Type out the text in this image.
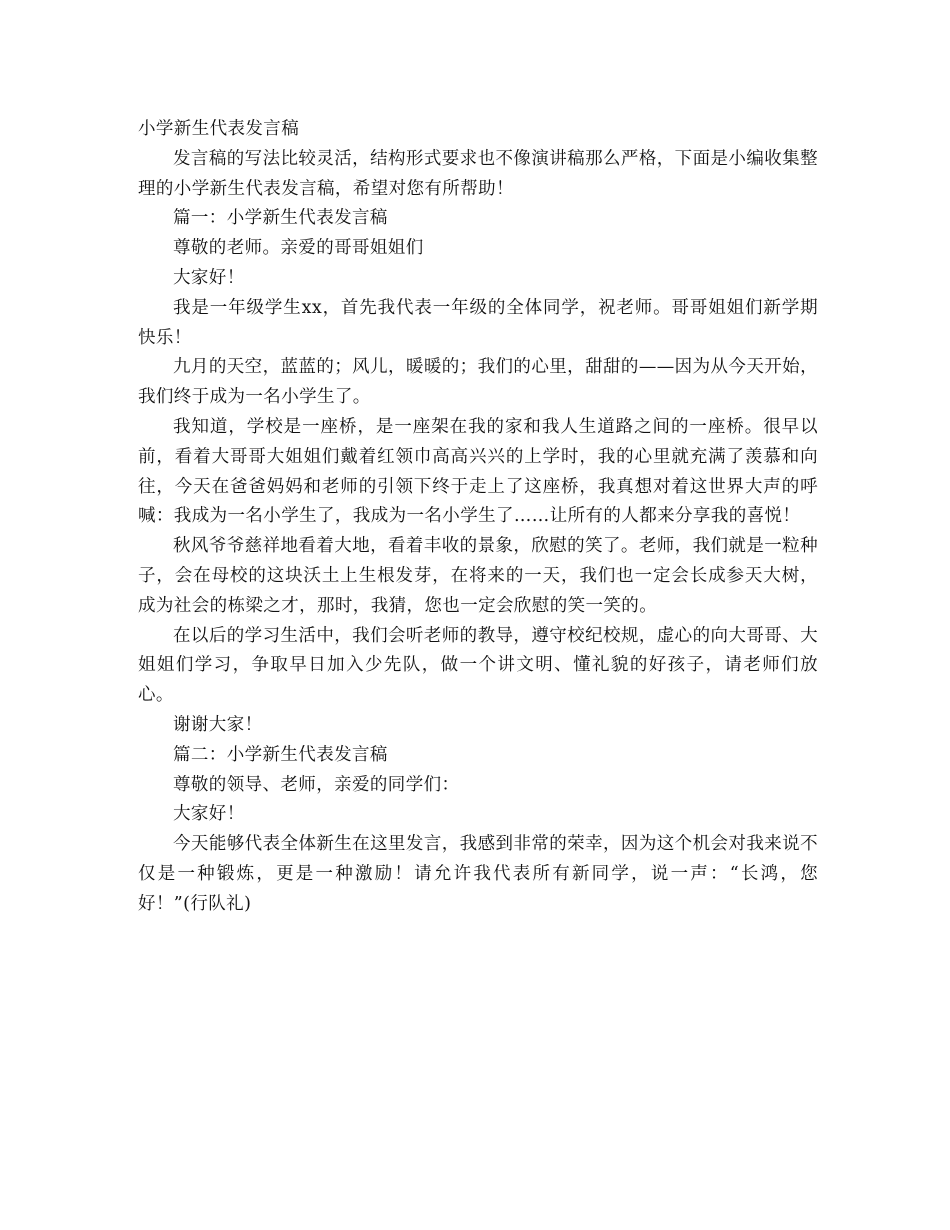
小学新生代表发言稿

发言稿的写法比较灵活，结构形式要求也不像演讲稿那么严格，下面是小编收集整理的小学新生代表发言稿，希望对您有所帮助！

篇一：小学新生代表发言稿

尊敬的老师。亲爱的哥哥姐姐们

大家好！

我是一年级学生xx，首先我代表一年级的全体同学，祝老师。哥哥姐姐们新学期快乐！

九月的天空，蓝蓝的；风儿，暖暖的；我们的心里，甜甜的——因为从今天开始，我们终于成为一名小学生了。

我知道，学校是一座桥，是一座架在我的家和我人生道路之间的一座桥。很早以前，看着大哥哥大姐姐们戴着红领巾高高兴兴的上学时，我的心里就充满了羡慕和向往，今天在爸爸妈妈和老师的引领下终于走上了这座桥，我真想对着这世界大声的呼喊：我成为一名小学生了，我成为一名小学生了……让所有的人都来分享我的喜悦！

秋风爷爷慈祥地看着大地，看着丰收的景象，欣慰的笑了。老师，我们就是一粒种子，会在母校的这块沃土上生根发芽，在将来的一天，我们也一定会长成参天大树，成为社会的栋梁之才，那时，我猜，您也一定会欣慰的笑一笑的。

在以后的学习生活中，我们会听老师的教导，遵守校纪校规，虚心的向大哥哥、大姐姐们学习，争取早日加入少先队，做一个讲文明、懂礼貌的好孩子，请老师们放心。

谢谢大家！

篇二：小学新生代表发言稿

尊敬的领导、老师，亲爱的同学们：

大家好！

今天能够代表全体新生在这里发言，我感到非常的荣幸，因为这个机会对我来说不仅是一种锻炼，更是一种激励！请允许我代表所有新同学，说一声：“长鸿，您好！”(行队礼)
